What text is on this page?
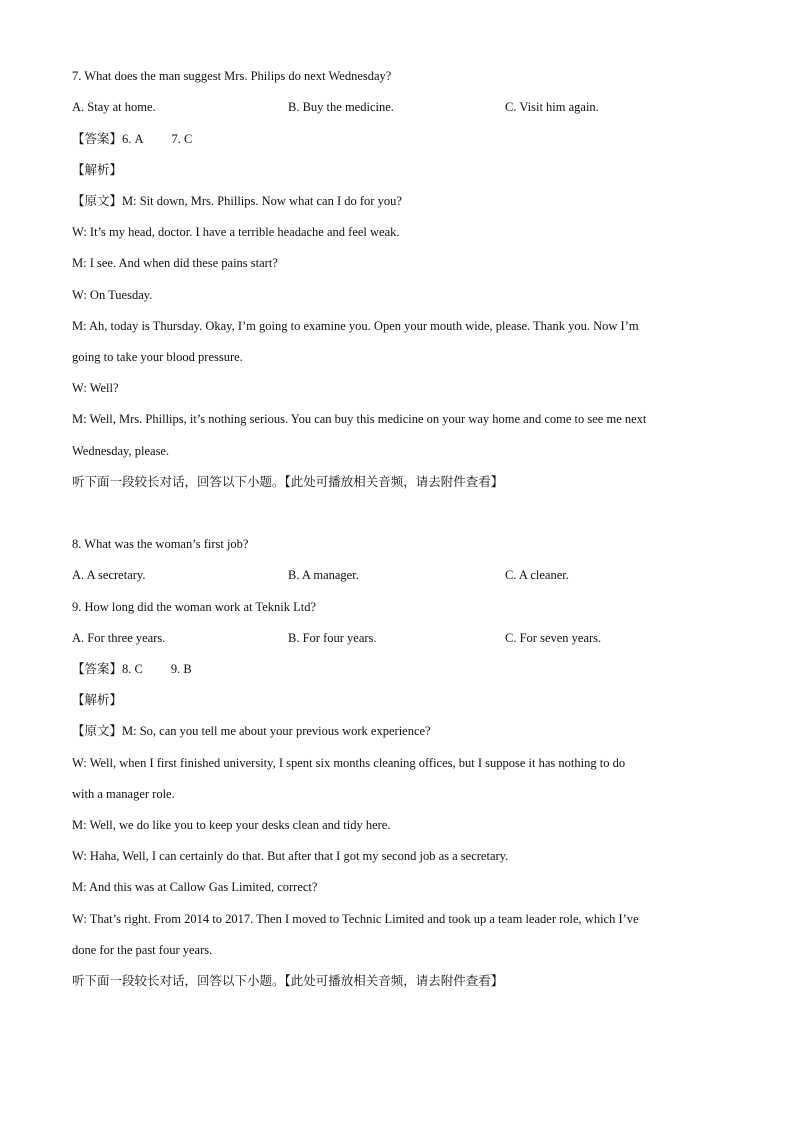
7. What does the man suggest Mrs. Philips do next Wednesday?
A. Stay at home.	B. Buy the medicine.	C. Visit him again.
【答案】6. A 7. C
【解析】
【原文】M: Sit down, Mrs. Phillips. Now what can I do for you?
W: It’s my head, doctor. I have a terrible headache and feel weak.
M: I see. And when did these pains start?
W: On Tuesday.
M: Ah, today is Thursday. Okay, I’m going to examine you. Open your mouth wide, please. Thank you. Now I’m
going to take your blood pressure.
W: Well?
M: Well, Mrs. Phillips, it’s nothing serious. You can buy this medicine on your way home and come to see me next
Wednesday, please.
听下面一段较长对话，回答以下小题。【此处可播放相关音频，请去附件查看】
8. What was the woman’s first job?
A. A secretary.	B. A manager.	C. A cleaner.
9. How long did the woman work at Teknik Ltd?
A. For three years.	B. For four years.	C. For seven years.
【答案】8. C 9. B
【解析】
【原文】M: So, can you tell me about your previous work experience?
W: Well, when I first finished university, I spent six months cleaning offices, but I suppose it has nothing to do
with a manager role.
M: Well, we do like you to keep your desks clean and tidy here.
W: Haha, Well, I can certainly do that. But after that I got my second job as a secretary.
M: And this was at Callow Gas Limited, correct?
W: That’s right. From 2014 to 2017. Then I moved to Technic Limited and took up a team leader role, which I’ve
done for the past four years.
听下面一段较长对话，回答以下小题。【此处可播放相关音频，请去附件查看】
